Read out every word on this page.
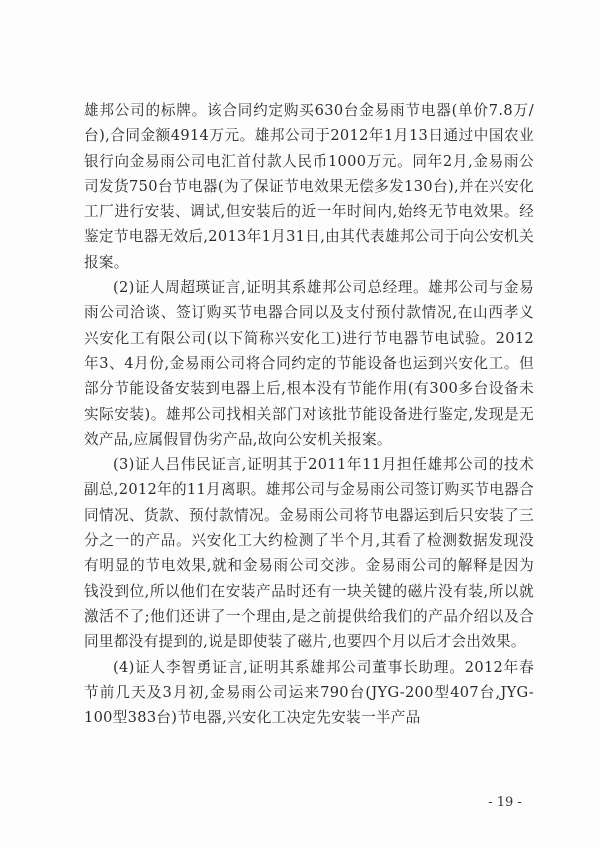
雄邦公司的标牌。该合同约定购买630台金易雨节电器(单价7.8万/台),合同金额4914万元。雄邦公司于2012年1月13日通过中国农业银行向金易雨公司电汇首付款人民币1000万元。同年2月,金易雨公司发货750台节电器(为了保证节电效果无偿多发130台),并在兴安化工厂进行安装、调试,但安装后的近一年时间内,始终无节电效果。经鉴定节电器无效后,2013年1月31日,由其代表雄邦公司于向公安机关报案。

(2)证人周超瑛证言,证明其系雄邦公司总经理。雄邦公司与金易雨公司洽谈、签订购买节电器合同以及支付预付款情况,在山西孝义兴安化工有限公司(以下简称兴安化工)进行节电器节电试验。2012年3、4月份,金易雨公司将合同约定的节能设备也运到兴安化工。但部分节能设备安装到电器上后,根本没有节能作用(有300多台设备未实际安装)。雄邦公司找相关部门对该批节能设备进行鉴定,发现是无效产品,应属假冒伪劣产品,故向公安机关报案。

(3)证人吕伟民证言,证明其于2011年11月担任雄邦公司的技术副总,2012年的11月离职。雄邦公司与金易雨公司签订购买节电器合同情况、货款、预付款情况。金易雨公司将节电器运到后只安装了三分之一的产品。兴安化工大约检测了半个月,其看了检测数据发现没有明显的节电效果,就和金易雨公司交涉。金易雨公司的解释是因为钱没到位,所以他们在安装产品时还有一块关键的磁片没有装,所以就激活不了;他们还讲了一个理由,是之前提供给我们的产品介绍以及合同里都没有提到的,说是即使装了磁片,也要四个月以后才会出效果。

(4)证人李智勇证言,证明其系雄邦公司董事长助理。2012年春节前几天及3月初,金易雨公司运来790台(JYG-200型407台,JYG-100型383台)节电器,兴安化工决定先安装一半产品

- 19 -
